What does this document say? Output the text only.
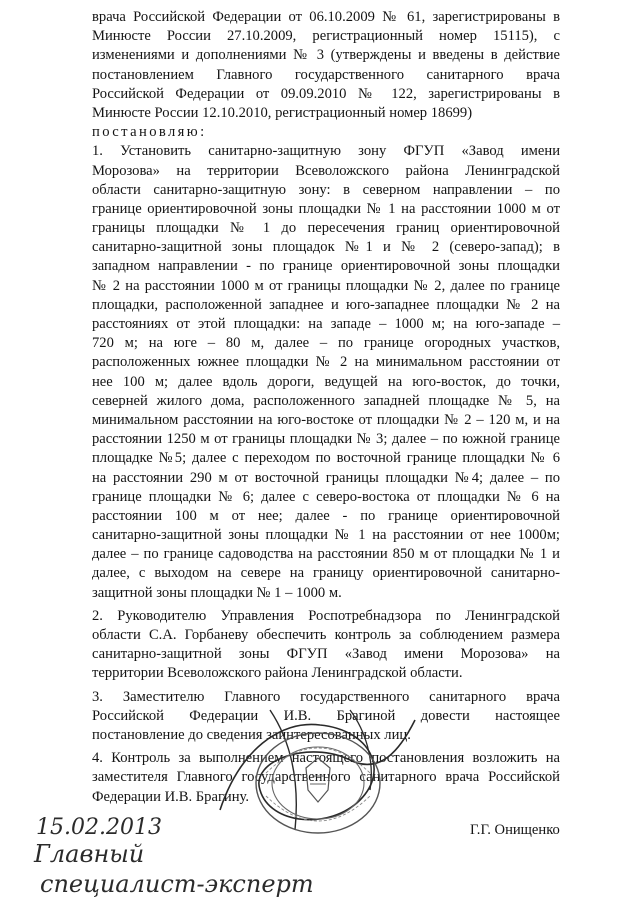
врача Российской Федерации от 06.10.2009 № 61, зарегистрированы в
Минюсте России 27.10.2009, регистрационный номер 15115), с
изменениями и дополнениями № 3 (утверждены и введены в действие
постановлением Главного государственного санитарного врача
Российской Федерации от 09.09.2010 № 122, зарегистрированы в
Минюсте России 12.10.2010, регистрационный номер 18699)
постановляю:
1. Установить санитарно-защитную зону ФГУП «Завод имени
Морозова» на территории Всеволожского района Ленинградской
области санитарно-защитную зону: в северном направлении – по
границе ориентировочной зоны площадки № 1 на расстоянии 1000 м от
границы площадки № 1 до пересечения границ ориентировочной
санитарно-защитной зоны площадок №1 и № 2 (северо-запад); в
западном направлении - по границе ориентировочной зоны площадки
№ 2 на расстоянии 1000 м от границы площадки № 2, далее по границе
площадки, расположенной западнее и юго-западнее площадки № 2 на
расстояниях от этой площадки: на западе – 1000 м; на юго-западе –
720 м; на юге – 80 м, далее – по границе огородных участков,
расположенных южнее площадки № 2 на минимальном расстоянии от
нее 100 м; далее вдоль дороги, ведущей на юго-восток, до точки,
северней жилого дома, расположенного западней площадке № 5, на
минимальном расстоянии на юго-востоке от площадки № 2 – 120 м, и на
расстоянии 1250 м от границы площадки № 3; далее – по южной границе
площадке №5; далее с переходом по восточной границе площадки № 6
на расстоянии 290 м от восточной границы площадки №4; далее – по
границе площадки № 6; далее с северо-востока от площадки № 6 на
расстоянии 100 м от нее; далее - по границе ориентировочной
санитарно-защитной зоны площадки № 1 на расстоянии от нее 1000м;
далее – по границе садоводства на расстоянии 850 м от площадки № 1 и
далее, с выходом на севере на границу ориентировочной санитарно-
защитной зоны площадки № 1 – 1000 м.
2. Руководителю Управления Роспотребнадзора по Ленинградской
области С.А. Горбаневу обеспечить контроль за соблюдением размера
санитарно-защитной зоны ФГУП «Завод имени Морозова» на
территории Всеволожского района Ленинградской области.
3. Заместителю Главного государственного санитарного врача
Российской Федерации И.В. Брагиной довести настоящее
постановление до сведения заинтересованных лиц.
4. Контроль за выполнением настоящего постановления возложить на
заместителя Главного государственного санитарного врача Российской
Федерации И.В. Брагину.
15.02.2013
Главный
специалист-эксперт
Г.Г. Онищенко
